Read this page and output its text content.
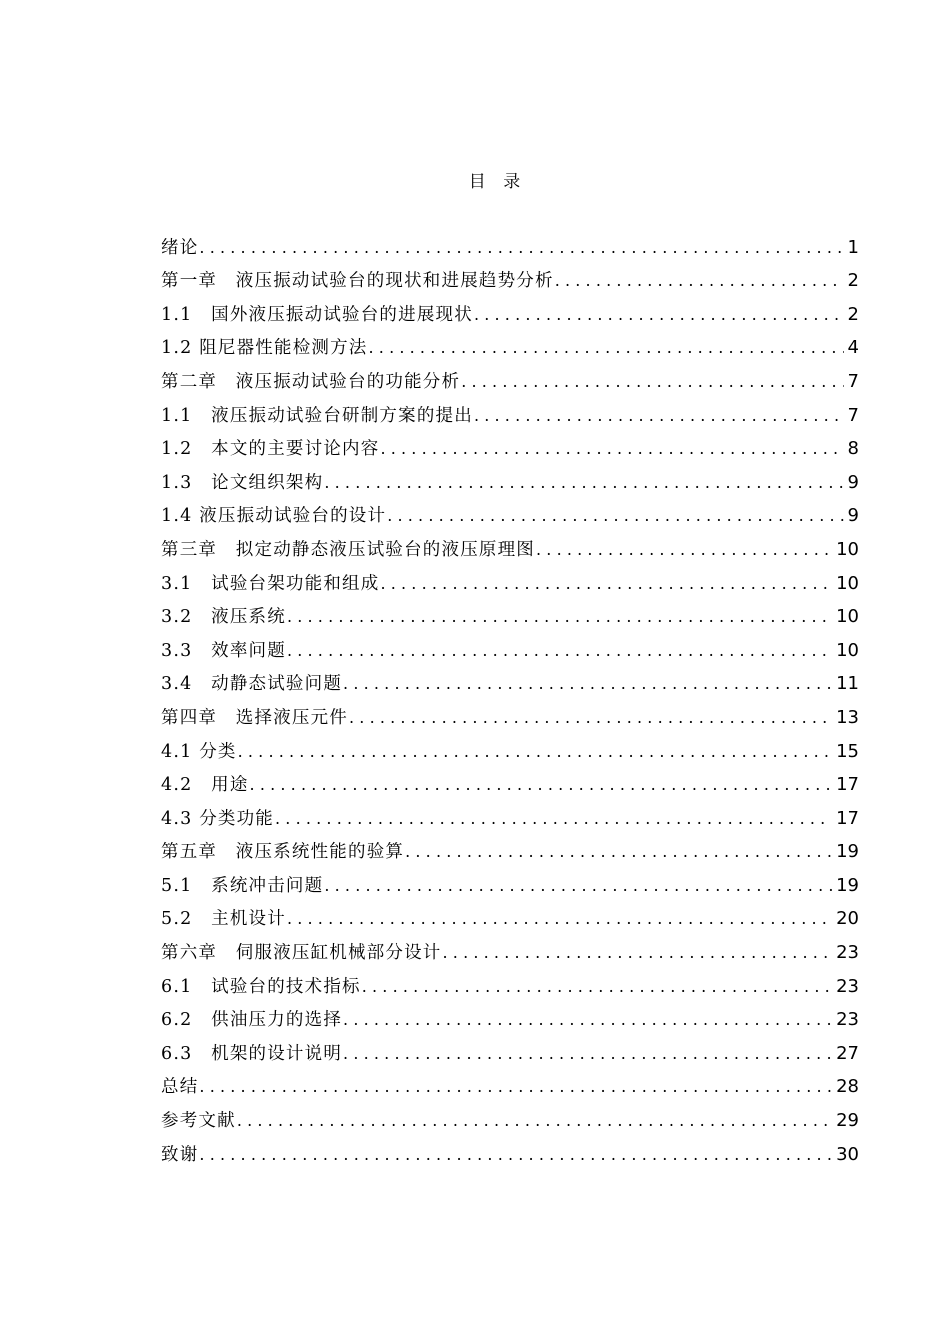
目 录
绪论 .....	1
第一章　液压振动试验台的现状和进展趋势分析 .....	2
1.1　国外液压振动试验台的进展现状 .....	2
1.2 阻尼器性能检测方法 .....	4
第二章　液压振动试验台的功能分析 .....	7
1.1　液压振动试验台研制方案的提出 .....	7
1.2　本文的主要讨论内容 .....	8
1.3　论文组织架构 .....	9
1.4 液压振动试验台的设计 .....	9
第三章　拟定动静态液压试验台的液压原理图 .....	10
3.1　试验台架功能和组成 .....	10
3.2　液压系统 .....	10
3.3　效率问题 .....	10
3.4　动静态试验问题 .....	11
第四章　选择液压元件 .....	13
4.1 分类 .....	15
4.2　用途 .....	17
4.3 分类功能 .....	17
第五章　液压系统性能的验算 .....	19
5.1　系统冲击问题 .....	19
5.2　主机设计 .....	20
第六章　伺服液压缸机械部分设计 .....	23
6.1　试验台的技术指标 .....	23
6.2　供油压力的选择 .....	23
6.3　机架的设计说明 .....	27
总结 .....	28
参考文献 .....	29
致谢 .....	30
